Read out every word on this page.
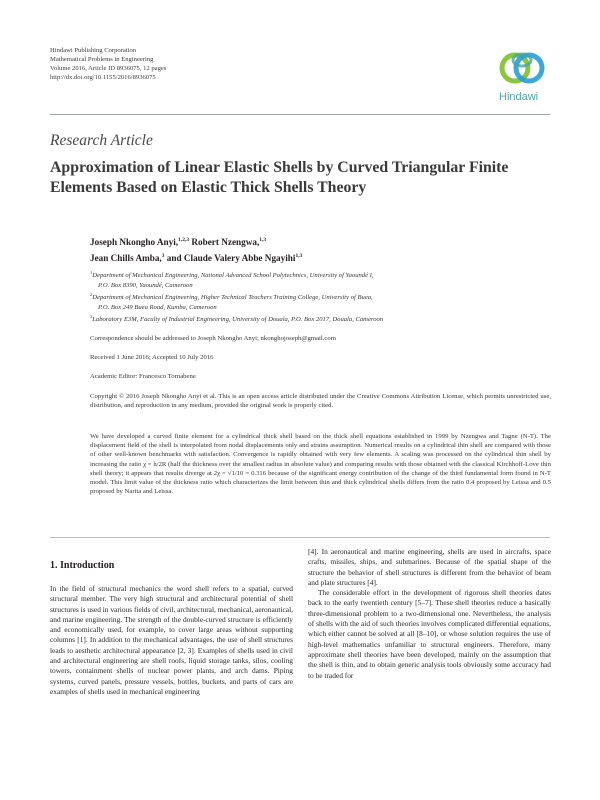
Hindawi Publishing Corporation
Mathematical Problems in Engineering
Volume 2016, Article ID 8936075, 12 pages
http://dx.doi.org/10.1155/2016/8936075
Hindawi
Research Article
Approximation of Linear Elastic Shells by Curved Triangular Finite Elements Based on Elastic Thick Shells Theory
Joseph Nkongho Anyi,$^{1,2,3}$ Robert Nzengwa,$^{1,3}$
Jean Chills Amba,$^3$ and Claude Valery Abbe Ngayihi$^{1,3}$
$^1$Department of Mechanical Engineering, National Advanced School Polytechnics, University of Yaoundé I,
P.O. Box 8390, Yaoundé, Cameroon
$^2$Department of Mechanical Engineering, Higher Technical Teachers Training College, University of Buea,
P.O. Box 249 Buea Road, Kumba, Cameroon
$^3$Laboratory E3M, Faculty of Industrial Engineering, University of Douala, P.O. Box 2017, Douala, Cameroon
Correspondence should be addressed to Joseph Nkongho Anyi; nkonghojoseph@gmail.com
Received 1 June 2016; Accepted 10 July 2016
Academic Editor: Francesco Tornabene
Copyright © 2016 Joseph Nkongho Anyi et al. This is an open access article distributed under the Creative Commons Attribution License, which permits unrestricted use, distribution, and reproduction in any medium, provided the original work is properly cited.
We have developed a curved finite element for a cylindrical thick shell based on the thick shell equations established in 1999 by Nzengwa and Tagne (N-T). The displacement field of the shell is interpolated from nodal displacements only and strains assumption. Numerical results on a cylindrical thin shell are compared with those of other well-known benchmarks with satisfaction. Convergence is rapidly obtained with very few elements. A scaling was processed on the cylindrical thin shell by increasing the ratio χ = h/2R (half the thickness over the smallest radius in absolute value) and comparing results with those obtained with the classical Kirchhoff-Love thin shell theory; it appears that results diverge at 2χ = √1/10 = 0.316 because of the significant energy contribution of the change of the third fundamental form found in N-T model. This limit value of the thickness ratio which characterizes the limit between thin and thick cylindrical shells differs from the ratio 0.4 proposed by Leissa and 0.5 proposed by Narita and Leissa.
1. Introduction

In the field of structural mechanics the word shell refers to a spatial, curved structural member. The very high structural and architectural potential of shell structures is used in various fields of civil, architectural, mechanical, aeronautical, and marine engineering. The strength of the double-curved structure is efficiently and economically used, for example, to cover large areas without supporting columns [1]. In addition to the mechanical advantages, the use of shell structures leads to aesthetic architectural appearance [2, 3]. Examples of shells used in civil and architectural engineering are shell roofs, liquid storage tanks, silos, cooling towers, containment shells of nuclear power plants, and arch dams. Piping systems, curved panels, pressure vessels, bottles, buckets, and parts of cars are examples of shells used in mechanical engineering

[4]. In aeronautical and marine engineering, shells are used in aircrafts, space crafts, missiles, ships, and submarines. Because of the spatial shape of the structure the behavior of shell structures is different from the behavior of beam and plate structures [4].

The considerable effort in the development of rigorous shell theories dates back to the early twentieth century [5–7]. These shell theories reduce a basically three-dimensional problem to a two-dimensional one. Nevertheless, the analysis of shells with the aid of such theories involves complicated differential equations, which either cannot be solved at all [8–10], or whose solution requires the use of high-level mathematics unfamiliar to structural engineers. Therefore, many approximate shell theories have been developed, mainly on the assumption that the shell is thin, and to obtain generic analysis tools obviously some accuracy had to be traded for
